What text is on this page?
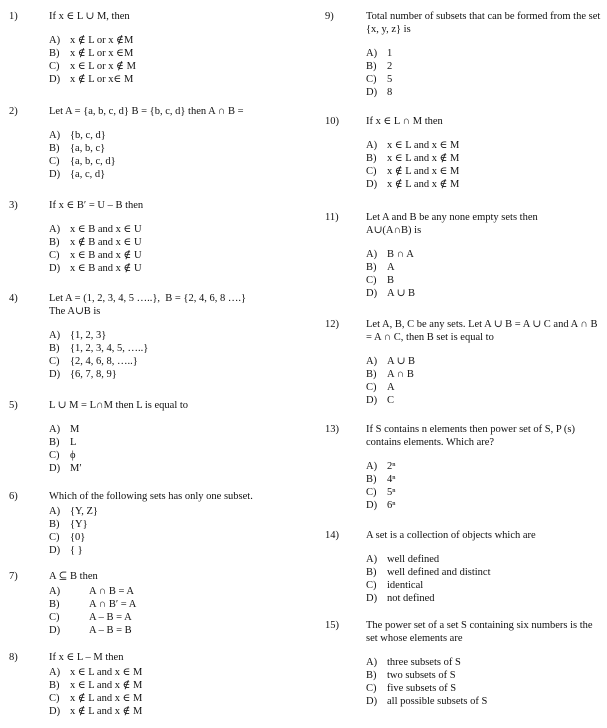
1)	If x ∈ L ∪ M, then
A) x ∉ L or x ∉M
B)	x ∉ L or x ∈M
C)	x ∈ L or x ∉ M
D) x ∉ L or x∈ M
2)	Let A = {a, b, c, d} B = {b, c, d} then A ∩ B =
A) {b, c, d}
B)	{a, b, c}
C)	{a, b, c, d}
D) {a, c, d}
3)	If x ∈ B′ = U – B then
A) x ∈ B and x ∈ U
B)	x ∉ B and x ∈ U
C)	x ∈ B and x ∉ U
D) x ∈ B and x ∉ U
4)	Let A = (1, 2, 3, 4, 5 …..},  B = {2, 4, 6, 8 ….}
The A∪B is
A) {1, 2, 3}
B)	{1, 2, 3, 4, 5, …..}
C)	{2, 4, 6, 8, …..}
D) {6, 7, 8, 9}
5)	L ∪ M = L∩M then L is equal to
A) M
B)	L
C)	ϕ
D) M′
6)	Which of the following sets has only one subset.
A) {Y, Z}
B)	{Y}
C)	{0}
D) { }
7)	A ⊆ B then
A)	A ∩ B = A
B)	A ∩ B′ = A
C)	A – B = A
D)	A – B = B
8)	If x ∈ L – M then
A) x ∈ L and x ∈ M
B)	x ∈ L and x ∉ M
C)	x ∉ L and x ∈ M
D) x ∉ L and x ∉ M
9)	Total number of subsets that can be formed from the set {x, y, z} is
A) 1
B)	2
C)	5
D) 8
10)	If x ∈ L ∩ M then
A) x ∈ L and x ∈ M
B)	x ∈ L and x ∉ M
C)	x ∉ L and x ∈ M
D) x ∉ L and x ∉ M
11)	Let A and B be any none empty sets then
A∪(A∩B) is
A) B ∩ A
B)	A
C)	B
D) A ∪ B
12)	Let A, B, C be any sets. Let A ∪ B = A ∪ C and A ∩ B = A ∩ C, then B set is equal to
A) A ∪ B
B)	A ∩ B
C)	A
D) C
13)	If S contains n elements then power set of S, P (s) contains elements. Which are?
A) 2ⁿ
B)	4ⁿ
C)	5ⁿ
D) 6ⁿ
14)	A set is a collection of objects which are
A) well defined
B)	well defined and distinct
C)	identical
D) not defined
15)	The power set of a set S containing six numbers is the set whose elements are
A) three subsets of S
B)	two subsets of S
C)	five subsets of S
D) all possible subsets of S
